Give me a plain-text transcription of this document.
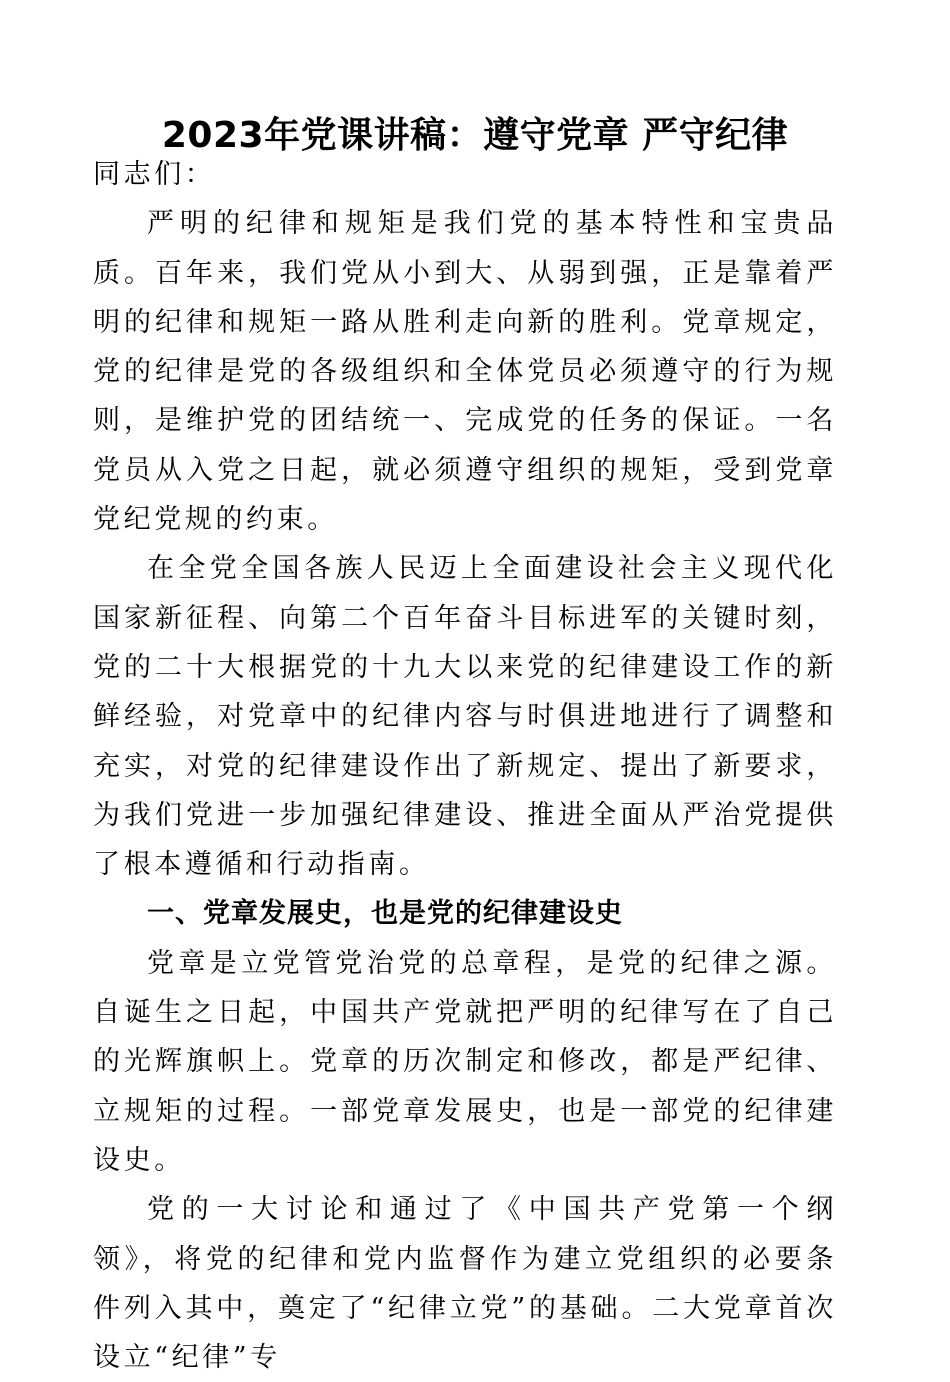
2023年党课讲稿：遵守党章 严守纪律

同志们：

严明的纪律和规矩是我们党的基本特性和宝贵品质。百年来，我们党从小到大、从弱到强，正是靠着严明的纪律和规矩一路从胜利走向新的胜利。党章规定，党的纪律是党的各级组织和全体党员必须遵守的行为规则，是维护党的团结统一、完成党的任务的保证。一名党员从入党之日起，就必须遵守组织的规矩，受到党章党纪党规的约束。

在全党全国各族人民迈上全面建设社会主义现代化国家新征程、向第二个百年奋斗目标进军的关键时刻，党的二十大根据党的十九大以来党的纪律建设工作的新鲜经验，对党章中的纪律内容与时俱进地进行了调整和充实，对党的纪律建设作出了新规定、提出了新要求，为我们党进一步加强纪律建设、推进全面从严治党提供了根本遵循和行动指南。

一、党章发展史，也是党的纪律建设史

党章是立党管党治党的总章程，是党的纪律之源。自诞生之日起，中国共产党就把严明的纪律写在了自己的光辉旗帜上。党章的历次制定和修改，都是严纪律、立规矩的过程。一部党章发展史，也是一部党的纪律建设史。

党的一大讨论和通过了《中国共产党第一个纲领》，将党的纪律和党内监督作为建立党组织的必要条件列入其中，奠定了“纪律立党”的基础。二大党章首次设立“纪律”专
